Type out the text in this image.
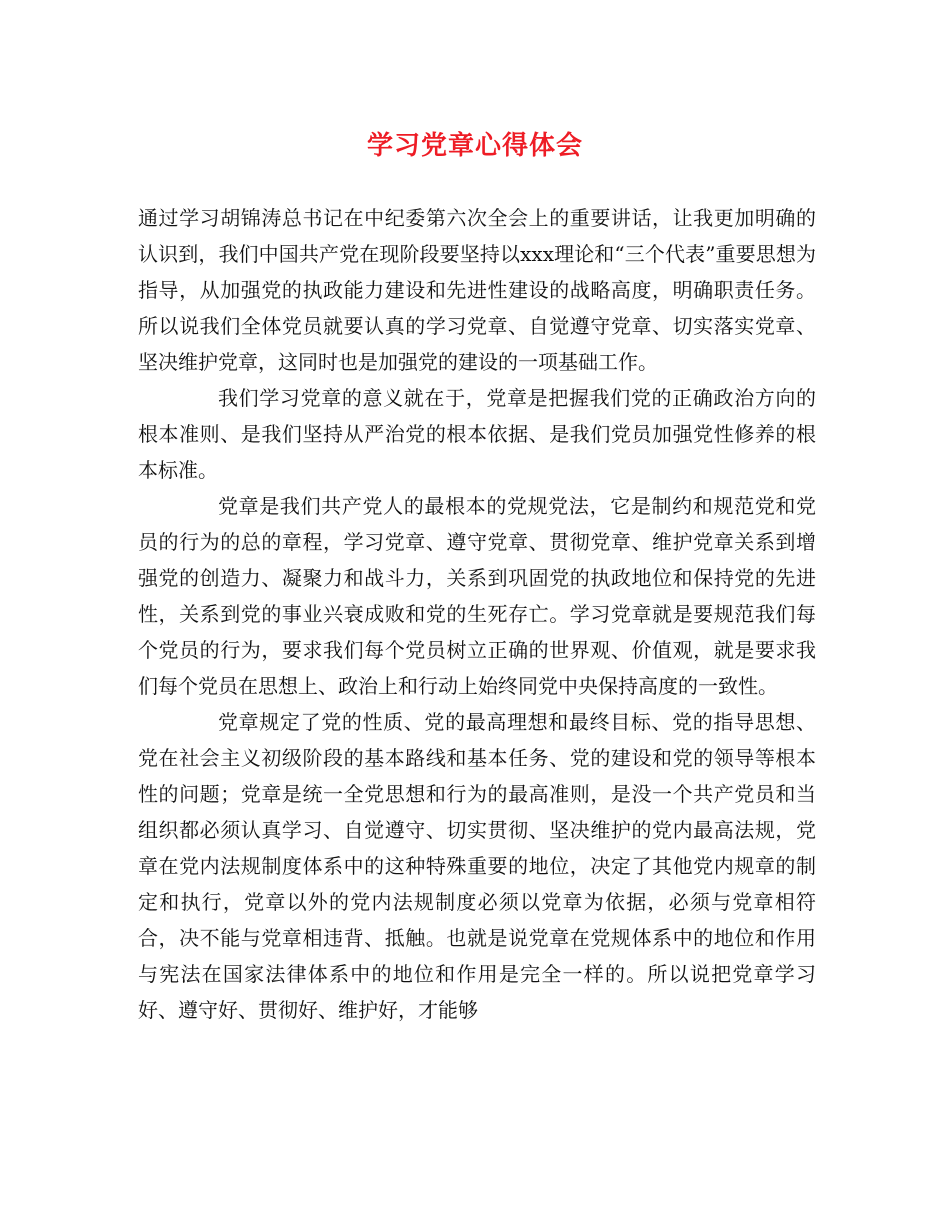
学习党章心得体会

通过学习胡锦涛总书记在中纪委第六次全会上的重要讲话，让我更加明确的认识到，我们中国共产党在现阶段要坚持以xxx理论和“三个代表”重要思想为指导，从加强党的执政能力建设和先进性建设的战略高度，明确职责任务。所以说我们全体党员就要认真的学习党章、自觉遵守党章、切实落实党章、坚决维护党章，这同时也是加强党的建设的一项基础工作。

我们学习党章的意义就在于，党章是把握我们党的正确政治方向的根本准则、是我们坚持从严治党的根本依据、是我们党员加强党性修养的根本标准。

党章是我们共产党人的最根本的党规党法，它是制约和规范党和党员的行为的总的章程，学习党章、遵守党章、贯彻党章、维护党章关系到增强党的创造力、凝聚力和战斗力，关系到巩固党的执政地位和保持党的先进性，关系到党的事业兴衰成败和党的生死存亡。学习党章就是要规范我们每个党员的行为，要求我们每个党员树立正确的世界观、价值观，就是要求我们每个党员在思想上、政治上和行动上始终同党中央保持高度的一致性。

党章规定了党的性质、党的最高理想和最终目标、党的指导思想、党在社会主义初级阶段的基本路线和基本任务、党的建设和党的领导等根本性的问题；党章是统一全党思想和行为的最高准则，是没一个共产党员和当组织都必须认真学习、自觉遵守、切实贯彻、坚决维护的党内最高法规，党章在党内法规制度体系中的这种特殊重要的地位，决定了其他党内规章的制定和执行，党章以外的党内法规制度必须以党章为依据，必须与党章相符合，决不能与党章相违背、抵触。也就是说党章在党规体系中的地位和作用与宪法在国家法律体系中的地位和作用是完全一样的。所以说把党章学习好、遵守好、贯彻好、维护好，才能够
